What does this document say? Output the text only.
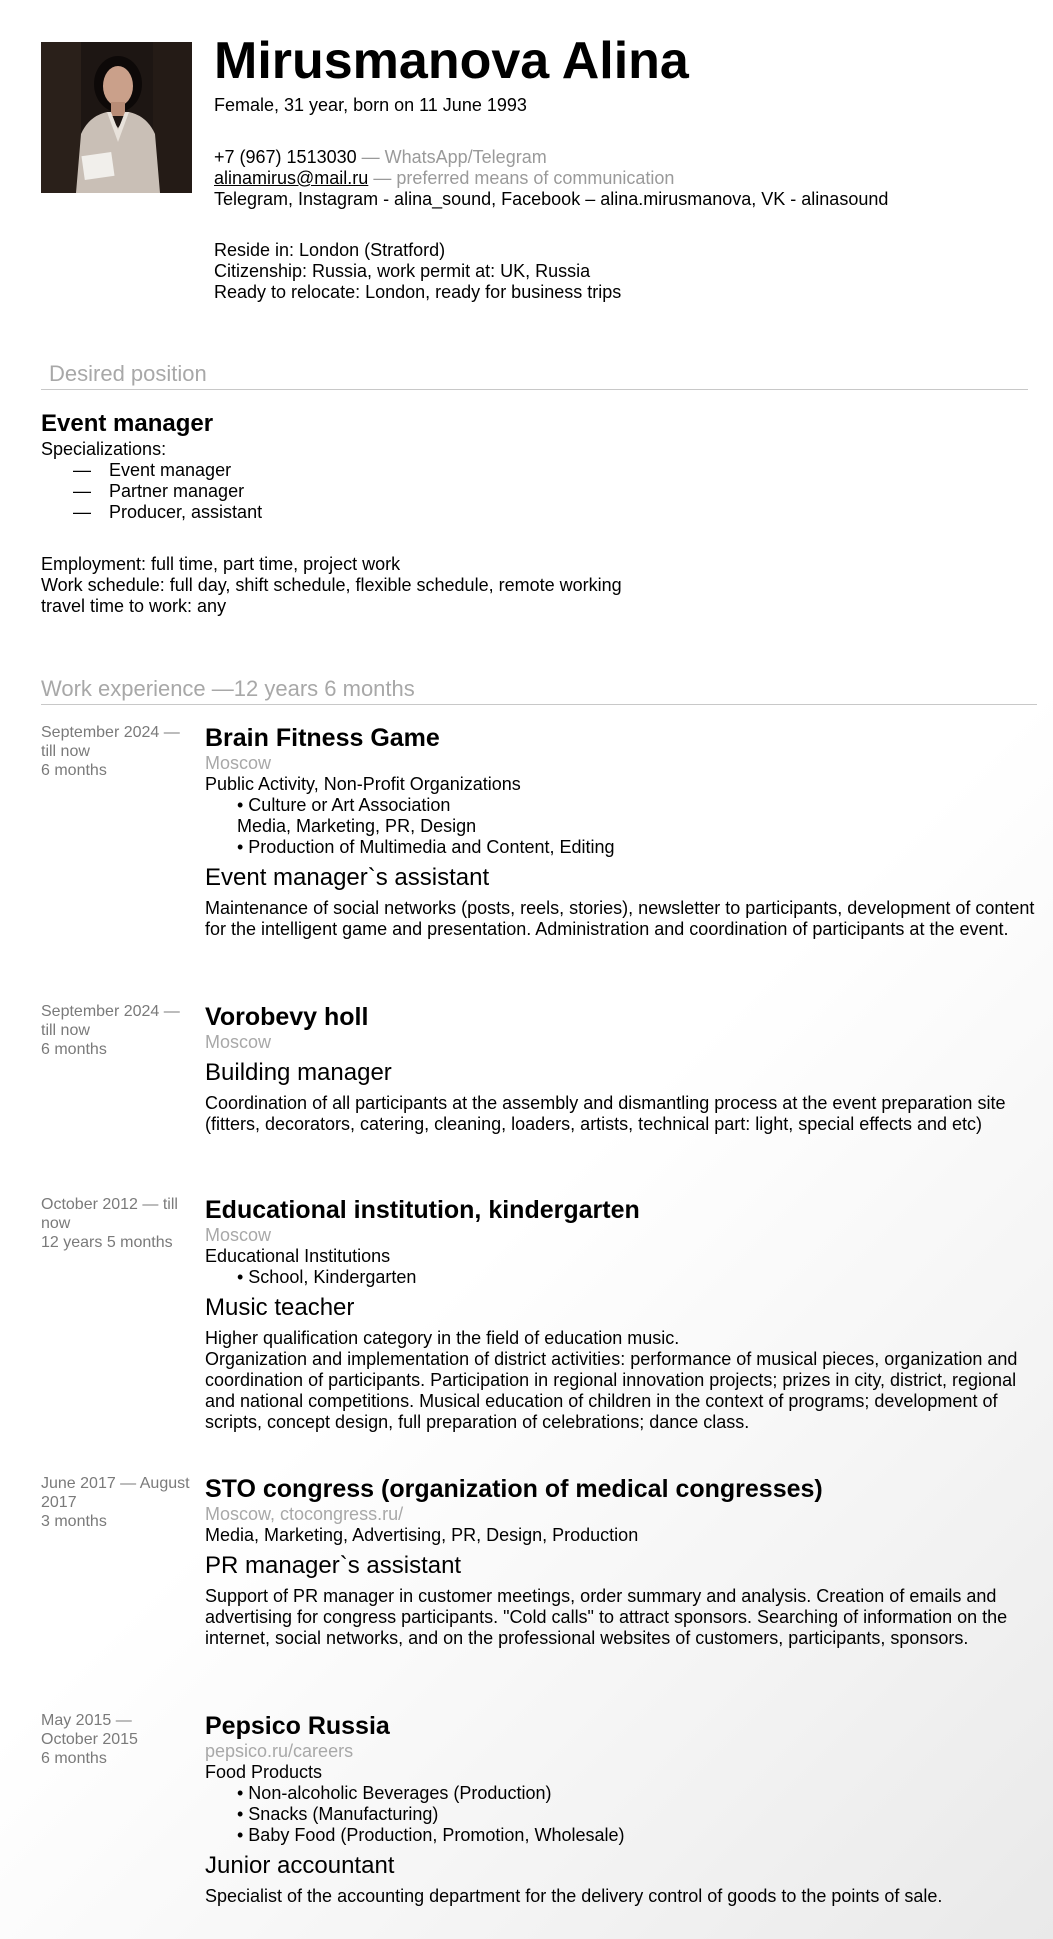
Mirusmanova Alina
Female, 31 year, born on 11 June 1993
+7 (967) 1513030 — WhatsApp/Telegram
alinamirus@mail.ru — preferred means of communication
Telegram, Instagram - alina_sound, Facebook – alina.mirusmanova, VK - alinasound
Reside in: London (Stratford)
Citizenship: Russia, work permit at: UK, Russia
Ready to relocate: London, ready for business trips
Desired position
Event manager
Specializations:
— Event manager
— Partner manager
— Producer, assistant
Employment: full time, part time, project work
Work schedule: full day, shift schedule, flexible schedule, remote working
travel time to work: any
Work experience —12 years 6 months
September 2024 — till now
6 months
Brain Fitness Game
Moscow
Public Activity, Non-Profit Organizations
• Culture or Art Association
Media, Marketing, PR, Design
• Production of Multimedia and Content, Editing
Event manager`s assistant
Maintenance of social networks (posts, reels, stories), newsletter to participants, development of content for the intelligent game and presentation. Administration and coordination of participants at the event.
September 2024 — till now
6 months
Vorobevy holl
Moscow
Building manager
Coordination of all participants at the assembly and dismantling process at the event preparation site (fitters, decorators, catering, cleaning, loaders, artists, technical part: light, special effects and etc)
October 2012 — till now
12 years 5 months
Educational institution, kindergarten
Moscow
Educational Institutions
• School, Kindergarten
Music teacher
Higher qualification category in the field of education music.
Organization and implementation of district activities: performance of musical pieces, organization and coordination of participants. Participation in regional innovation projects; prizes in city, district, regional and national competitions. Musical education of children in the context of programs; development of scripts, concept design, full preparation of celebrations; dance class.
June 2017 — August 2017
3 months
STO congress (organization of medical congresses)
Moscow, ctocongress.ru/
Media, Marketing, Advertising, PR, Design, Production
PR manager`s assistant
Support of PR manager in customer meetings, order summary and analysis. Creation of emails and advertising for congress participants. "Cold calls" to attract sponsors. Searching of information on the internet, social networks, and on the professional websites of customers, participants, sponsors.
May 2015 — October 2015
6 months
Pepsico Russia
pepsico.ru/careers
Food Products
• Non-alcoholic Beverages (Production)
• Snacks (Manufacturing)
• Baby Food (Production, Promotion, Wholesale)
Junior accountant
Specialist of the accounting department for the delivery control of goods to the points of sale.
